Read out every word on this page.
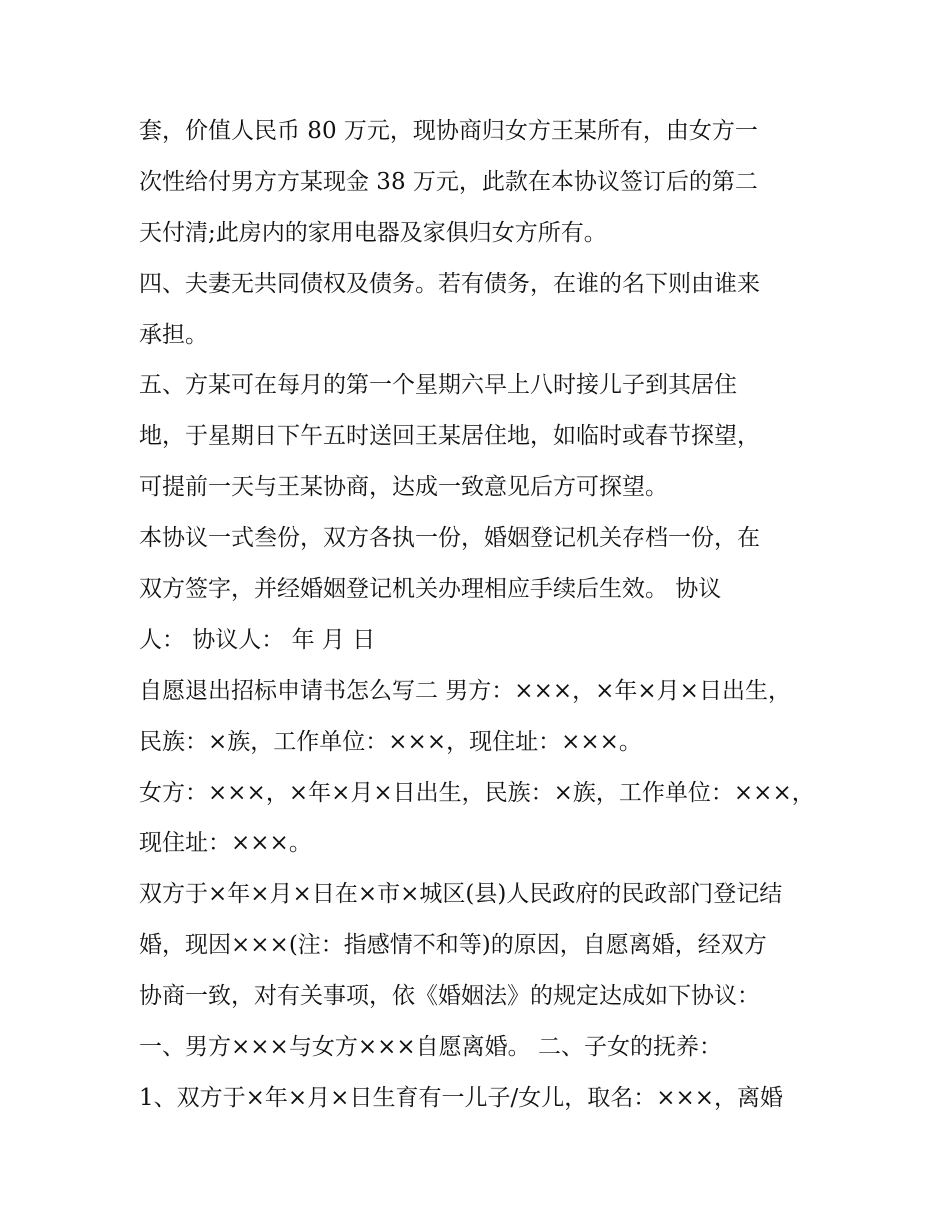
套，价值人民币 80 万元，现协商归女方王某所有，由女方一
次性给付男方方某现金 38 万元，此款在本协议签订后的第二
天付清;此房内的家用电器及家俱归女方所有。
四、夫妻无共同债权及债务。若有债务，在谁的名下则由谁来
承担。
五、方某可在每月的第一个星期六早上八时接儿子到其居住
地，于星期日下午五时送回王某居住地，如临时或春节探望，
可提前一天与王某协商，达成一致意见后方可探望。
本协议一式叁份，双方各执一份，婚姻登记机关存档一份，在
双方签字，并经婚姻登记机关办理相应手续后生效。 协议
人： 协议人： 年 月 日
自愿退出招标申请书怎么写二 男方：×××，×年×月×日出生，
民族：×族，工作单位：×××，现住址：×××。
女方：×××，×年×月×日出生，民族：×族，工作单位：×××，
现住址：×××。
双方于×年×月×日在×市×城区(县)人民政府的民政部门登记结
婚，现因×××(注：指感情不和等)的原因，自愿离婚，经双方
协商一致，对有关事项，依《婚姻法》的规定达成如下协议：
一、男方×××与女方×××自愿离婚。 二、子女的抚养：
1、双方于×年×月×日生育有一儿子/女儿，取名：×××，离婚
